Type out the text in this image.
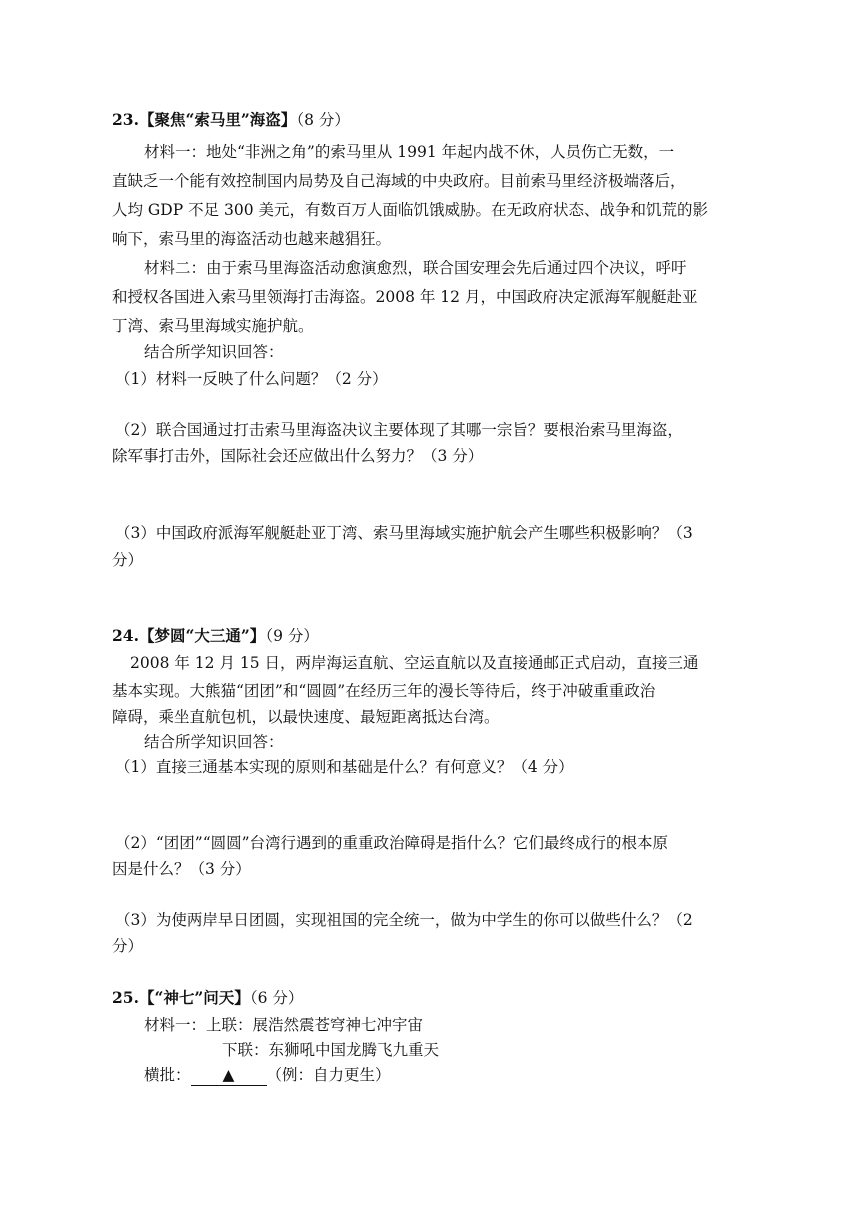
23.【聚焦“索马里”海盗】（8 分）
材料一：地处“非洲之角”的索马里从 1991 年起内战不休，人员伤亡无数，一
直缺乏一个能有效控制国内局势及自己海域的中央政府。目前索马里经济极端落后，
人均 GDP 不足 300 美元，有数百万人面临饥饿威胁。在无政府状态、战争和饥荒的影
响下，索马里的海盗活动也越来越猖狂。
材料二：由于索马里海盗活动愈演愈烈，联合国安理会先后通过四个决议，呼吁
和授权各国进入索马里领海打击海盗。2008 年 12 月，中国政府决定派海军舰艇赴亚
丁湾、索马里海域实施护航。
结合所学知识回答：
（1）材料一反映了什么问题？（2 分）
（2）联合国通过打击索马里海盗决议主要体现了其哪一宗旨？要根治索马里海盗，
除军事打击外，国际社会还应做出什么努力？（3 分）
（3）中国政府派海军舰艇赴亚丁湾、索马里海域实施护航会产生哪些积极影响？（3
分）
24.【梦圆“大三通”】（9 分）
2008 年 12 月 15 日，两岸海运直航、空运直航以及直接通邮正式启动，直接三通
基本实现。大熊猫“团团”和“圆圆”在经历三年的漫长等待后，终于冲破重重政治
障碍，乘坐直航包机，以最快速度、最短距离抵达台湾。
结合所学知识回答：
（1）直接三通基本实现的原则和基础是什么？有何意义？（4 分）
（2）“团团”“圆圆”台湾行遇到的重重政治障碍是指什么？它们最终成行的根本原
因是什么？（3 分）
（3）为使两岸早日团圆，实现祖国的完全统一，做为中学生的你可以做些什么？（2
分）
25.【“神七”问天】（6 分）
材料一：上联：展浩然震苍穹神七冲宇宙
下联：东狮吼中国龙腾飞九重天
横批： ▲ （例：自力更生）
